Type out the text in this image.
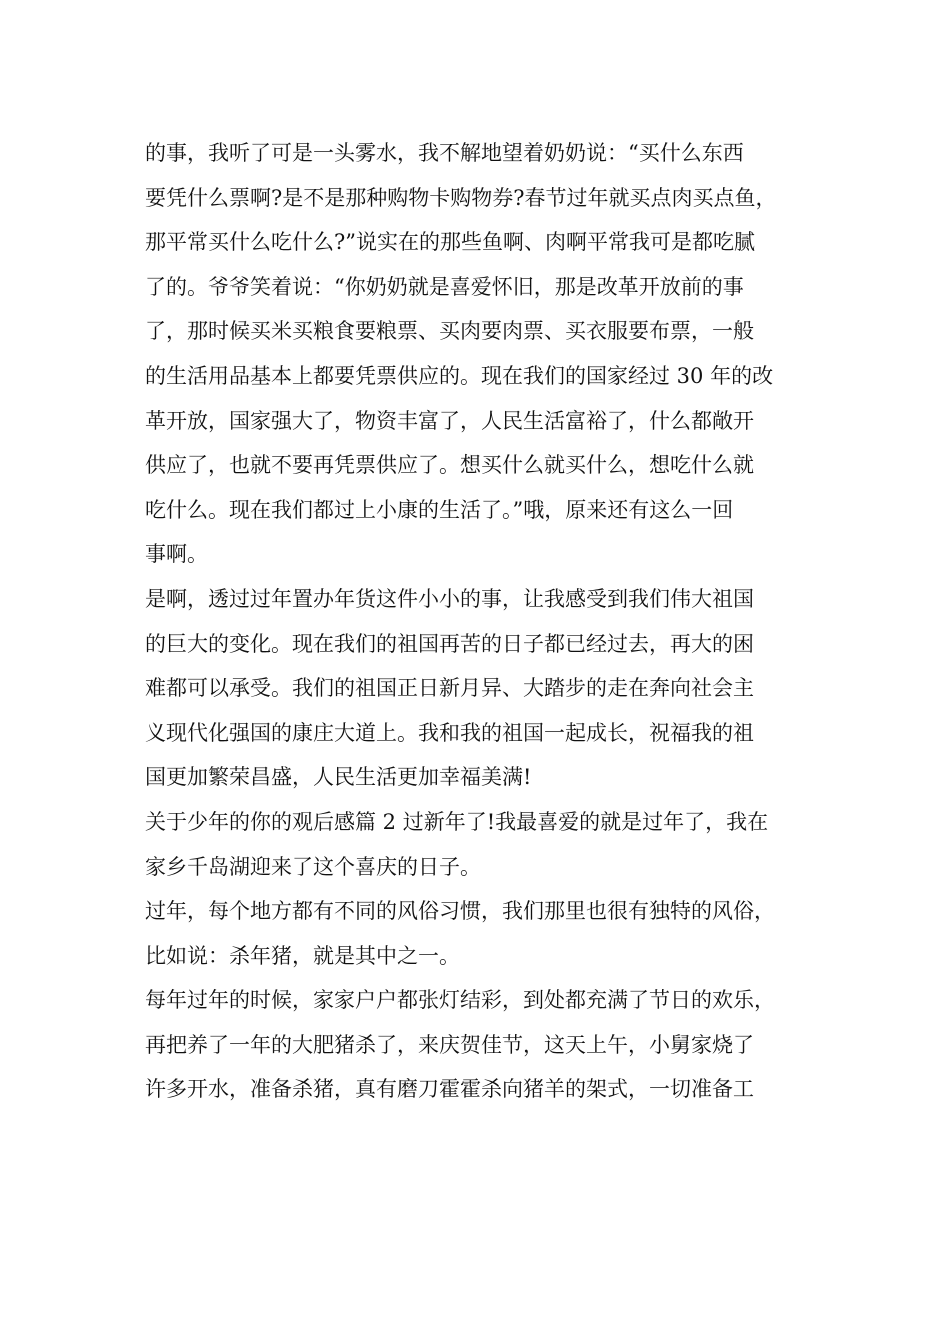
的事，我听了可是一头雾水，我不解地望着奶奶说：“买什么东西
要凭什么票啊?是不是那种购物卡购物券?春节过年就买点肉买点鱼，
那平常买什么吃什么?”说实在的那些鱼啊、肉啊平常我可是都吃腻
了的。爷爷笑着说：“你奶奶就是喜爱怀旧，那是改革开放前的事
了，那时候买米买粮食要粮票、买肉要肉票、买衣服要布票，一般
的生活用品基本上都要凭票供应的。现在我们的国家经过 30 年的改
革开放，国家强大了，物资丰富了，人民生活富裕了，什么都敞开
供应了，也就不要再凭票供应了。想买什么就买什么，想吃什么就
吃什么。现在我们都过上小康的生活了。”哦，原来还有这么一回
事啊。
是啊，透过过年置办年货这件小小的事，让我感受到我们伟大祖国
的巨大的变化。现在我们的祖国再苦的日子都已经过去，再大的困
难都可以承受。我们的祖国正日新月异、大踏步的走在奔向社会主
义现代化强国的康庄大道上。我和我的祖国一起成长，祝福我的祖
国更加繁荣昌盛，人民生活更加幸福美满!
关于少年的你的观后感篇 2 过新年了!我最喜爱的就是过年了，我在
家乡千岛湖迎来了这个喜庆的日子。
过年，每个地方都有不同的风俗习惯，我们那里也很有独特的风俗，
比如说：杀年猪，就是其中之一。
每年过年的时候，家家户户都张灯结彩，到处都充满了节日的欢乐，
再把养了一年的大肥猪杀了，来庆贺佳节，这天上午，小舅家烧了
许多开水，准备杀猪，真有磨刀霍霍杀向猪羊的架式，一切准备工
